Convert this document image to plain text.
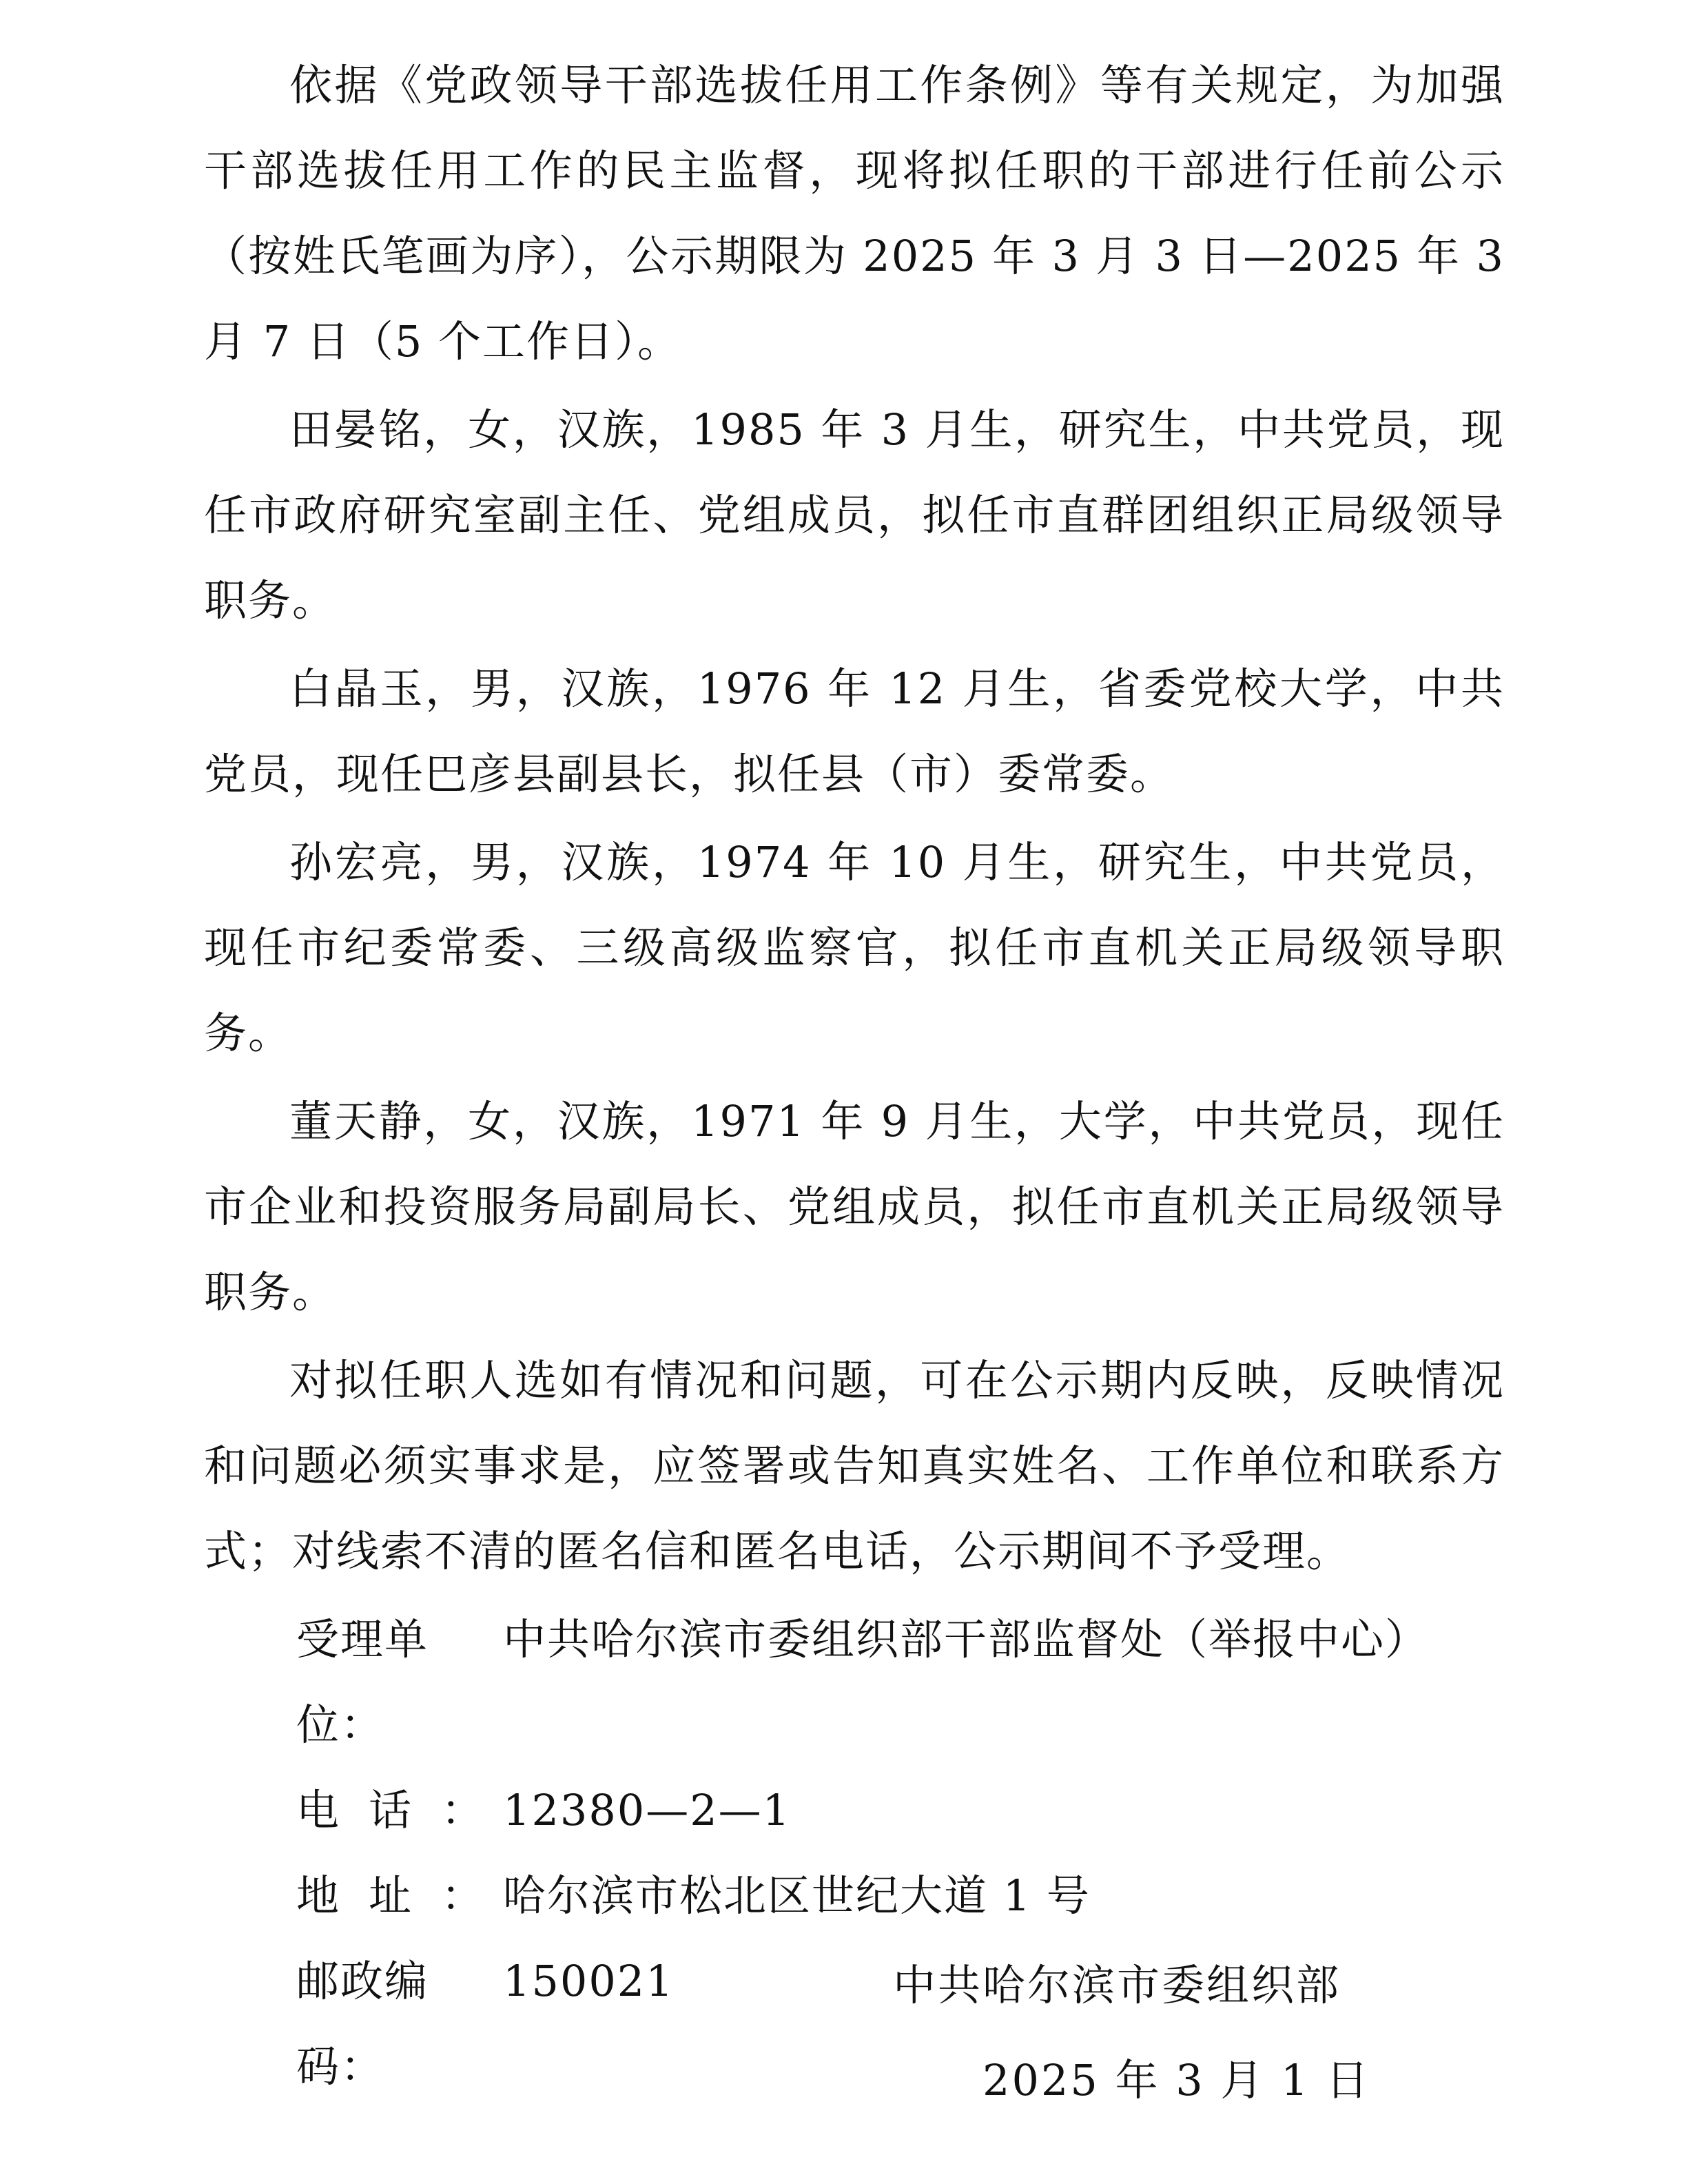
依据《党政领导干部选拔任用工作条例》等有关规定，为加强干部选拔任用工作的民主监督，现将拟任职的干部进行任前公示（按姓氏笔画为序），公示期限为 2025 年 3 月 3 日—2025 年 3 月 7 日（5 个工作日）。

田晏铭，女，汉族，1985 年 3 月生，研究生，中共党员，现任市政府研究室副主任、党组成员，拟任市直群团组织正局级领导职务。

白晶玉，男，汉族，1976 年 12 月生，省委党校大学，中共党员，现任巴彦县副县长，拟任县（市）委常委。

孙宏亮，男，汉族，1974 年 10 月生，研究生，中共党员，现任市纪委常委、三级高级监察官，拟任市直机关正局级领导职务。

董天静，女，汉族，1971 年 9 月生，大学，中共党员，现任市企业和投资服务局副局长、党组成员，拟任市直机关正局级领导职务。

对拟任职人选如有情况和问题，可在公示期内反映，反映情况和问题必须实事求是，应签署或告知真实姓名、工作单位和联系方式；对线索不清的匿名信和匿名电话，公示期间不予受理。

受理单位：
中共哈尔滨市委组织部干部监督处（举报中心）
电话： 12380—2—1
地址： 哈尔滨市松北区世纪大道 1 号
邮政编码：
150021	中共哈尔滨市委组织部
2025 年 3 月 1 日
